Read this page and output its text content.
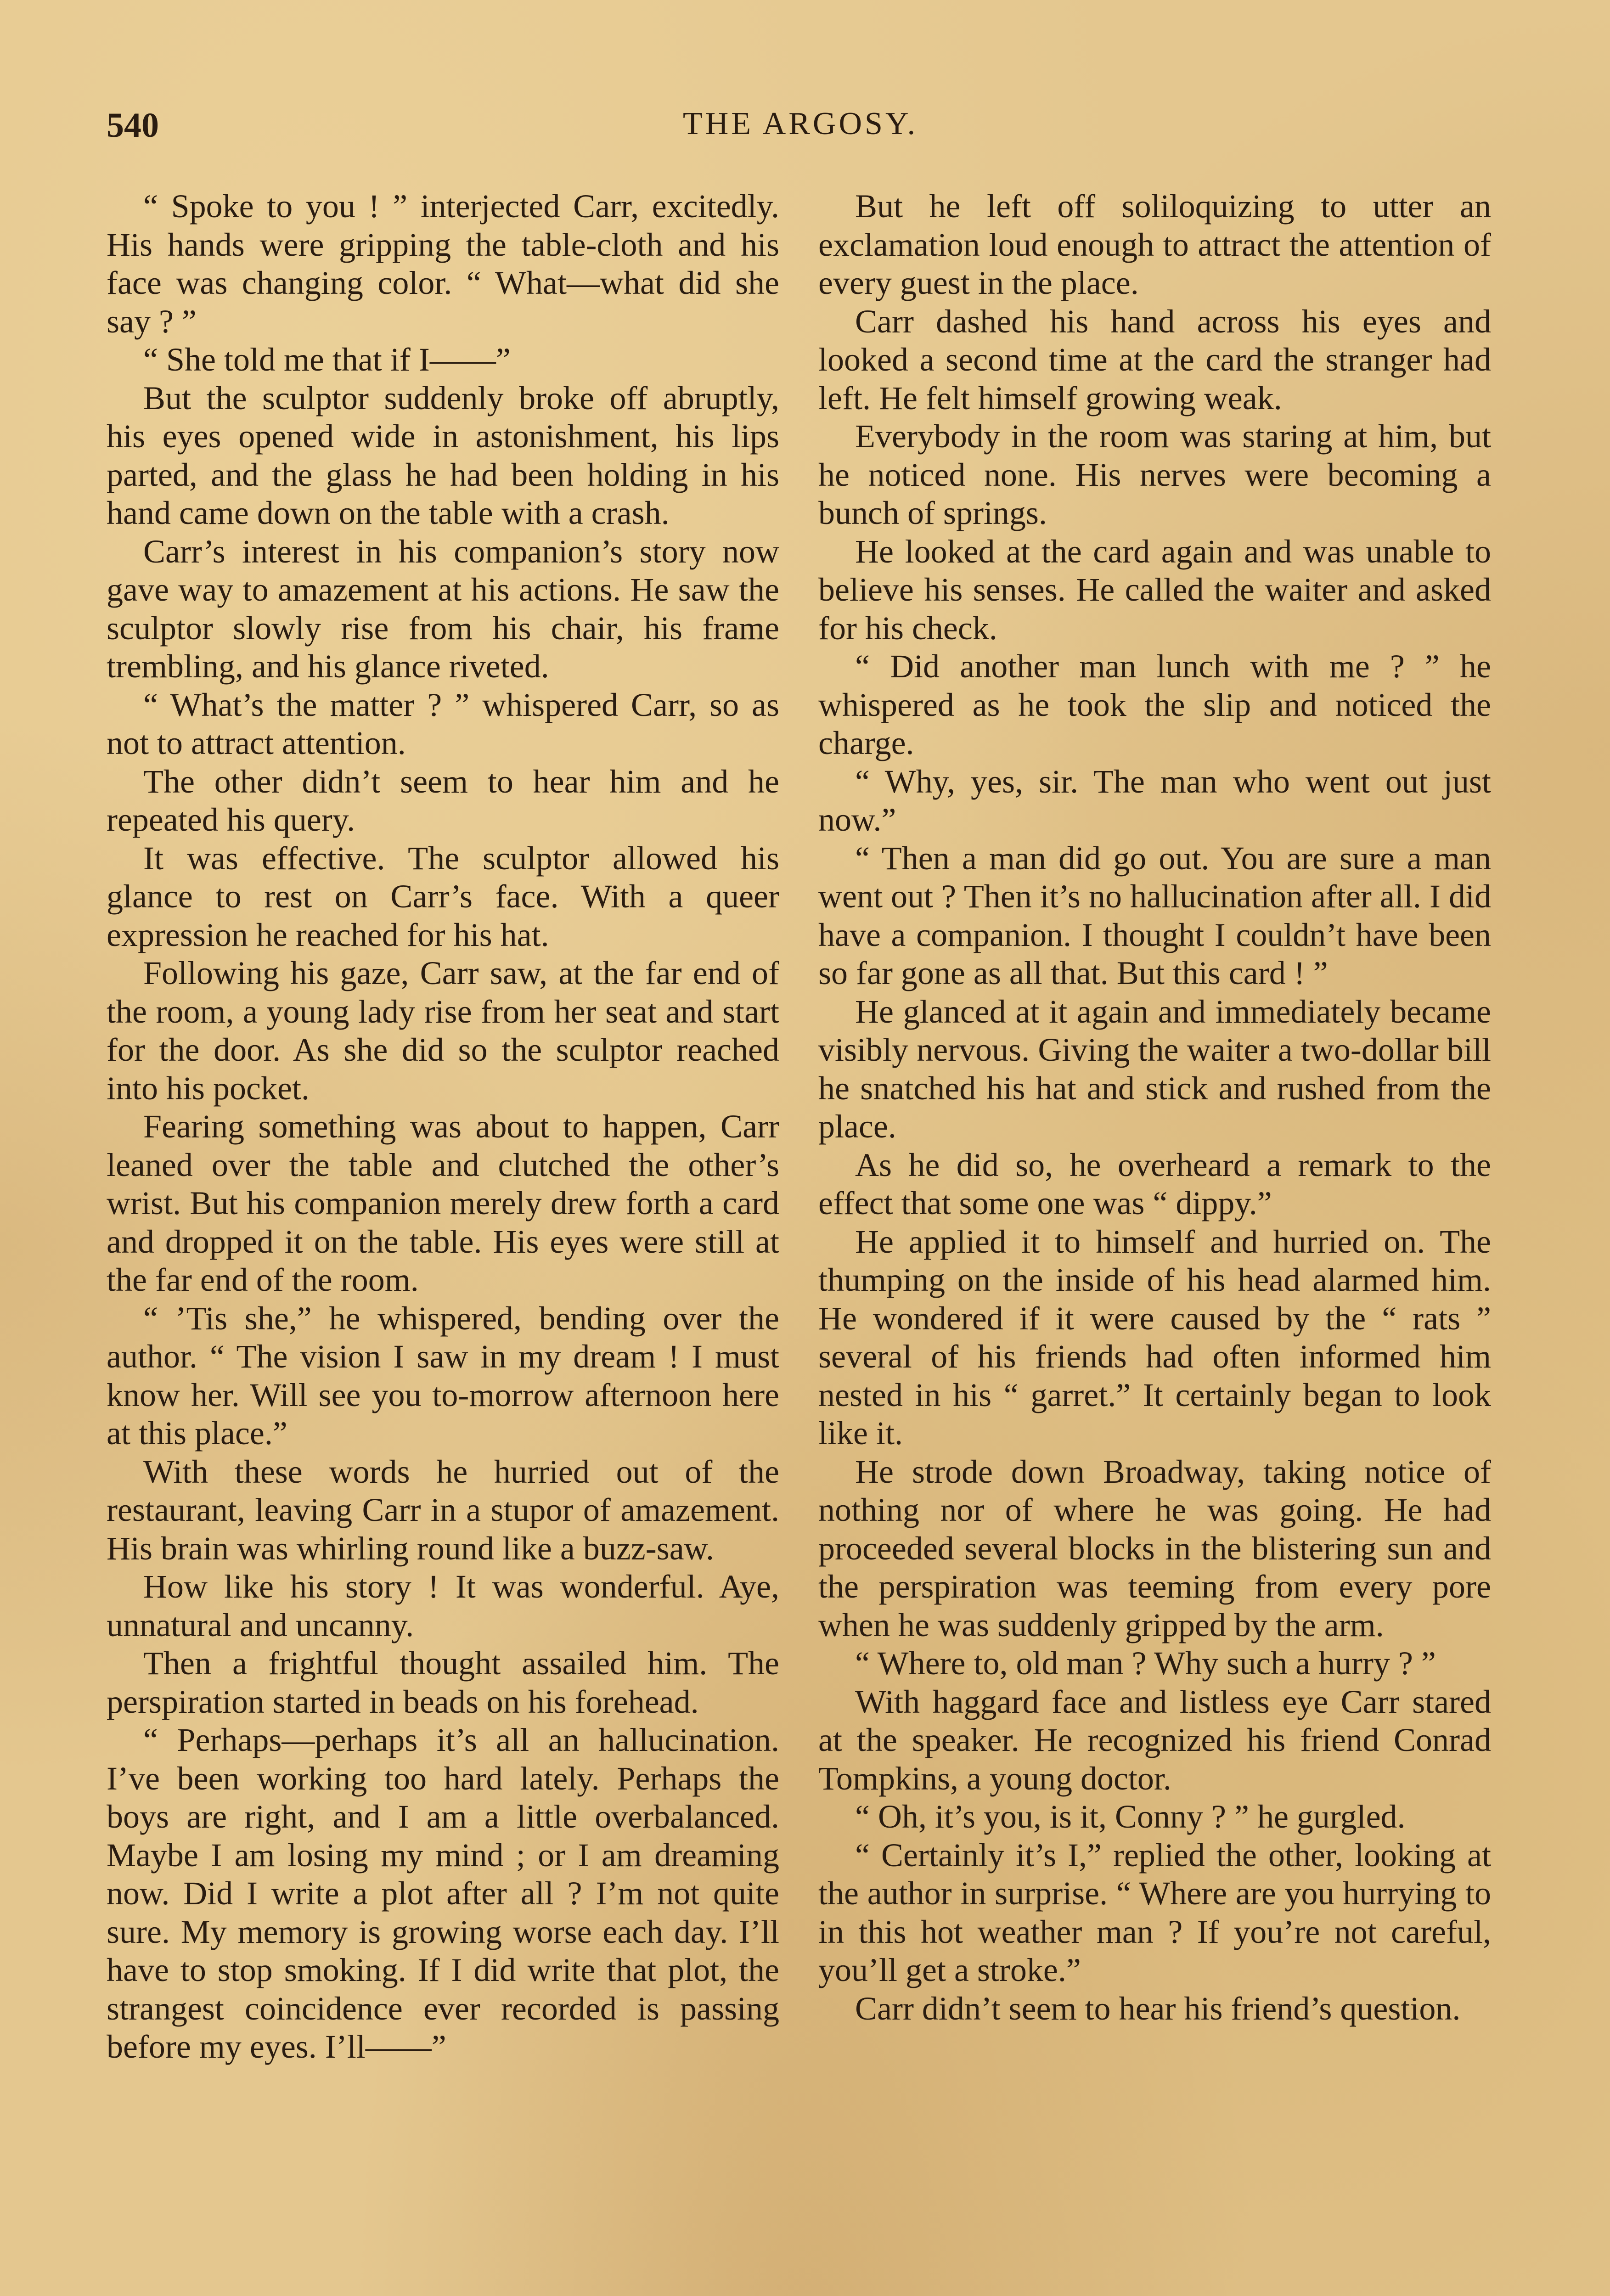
540	THE ARGOSY.

“ Spoke to you ! ” interjected Carr, excitedly. His hands were gripping the table-cloth and his face was changing color. “ What—what did she say ? ”

“ She told me that if I——”

But the sculptor suddenly broke off abruptly, his eyes opened wide in astonishment, his lips parted, and the glass he had been holding in his hand came down on the table with a crash.

Carr’s interest in his companion’s story now gave way to amazement at his actions. He saw the sculptor slowly rise from his chair, his frame trembling, and his glance riveted.

“ What’s the matter ? ” whispered Carr, so as not to attract attention.

The other didn’t seem to hear him and he repeated his query.

It was effective. The sculptor allowed his glance to rest on Carr’s face. With a queer expression he reached for his hat.

Following his gaze, Carr saw, at the far end of the room, a young lady rise from her seat and start for the door. As she did so the sculptor reached into his pocket.

Fearing something was about to happen, Carr leaned over the table and clutched the other’s wrist. But his companion merely drew forth a card and dropped it on the table. His eyes were still at the far end of the room.

“ ’Tis she,” he whispered, bending over the author. “ The vision I saw in my dream ! I must know her. Will see you to-morrow afternoon here at this place.”

With these words he hurried out of the restaurant, leaving Carr in a stupor of amazement. His brain was whirling round like a buzz-saw.

How like his story ! It was wonderful. Aye, unnatural and uncanny.

Then a frightful thought assailed him. The perspiration started in beads on his forehead.

“ Perhaps—perhaps it’s all an hallucination. I’ve been working too hard lately. Perhaps the boys are right, and I am a little overbalanced. Maybe I am losing my mind ; or I am dreaming now. Did I write a plot after all ? I’m not quite sure. My memory is growing worse each day. I’ll have to stop smoking. If I did write that plot, the strangest coincidence ever recorded is passing before my eyes. I’ll——”

But he left off soliloquizing to utter an exclamation loud enough to attract the attention of every guest in the place.

Carr dashed his hand across his eyes and looked a second time at the card the stranger had left. He felt himself growing weak.

Everybody in the room was staring at him, but he noticed none. His nerves were becoming a bunch of springs.

He looked at the card again and was unable to believe his senses. He called the waiter and asked for his check.

“ Did another man lunch with me ? ” he whispered as he took the slip and noticed the charge.

“ Why, yes, sir. The man who went out just now.”

“ Then a man did go out. You are sure a man went out ? Then it’s no hallucination after all. I did have a companion. I thought I couldn’t have been so far gone as all that. But this card ! ”

He glanced at it again and immediately became visibly nervous. Giving the waiter a two-dollar bill he snatched his hat and stick and rushed from the place.

As he did so, he overheard a remark to the effect that some one was “ dippy.”

He applied it to himself and hurried on. The thumping on the inside of his head alarmed him. He wondered if it were caused by the “ rats ” several of his friends had often informed him nested in his “ garret.” It certainly began to look like it.

He strode down Broadway, taking notice of nothing nor of where he was going. He had proceeded several blocks in the blistering sun and the perspiration was teeming from every pore when he was suddenly gripped by the arm.

“ Where to, old man ? Why such a hurry ? ”

With haggard face and listless eye Carr stared at the speaker. He recognized his friend Conrad Tompkins, a young doctor.

“ Oh, it’s you, is it, Conny ? ” he gurgled.

“ Certainly it’s I,” replied the other, looking at the author in surprise. “ Where are you hurrying to in this hot weather man ? If you’re not careful, you’ll get a stroke.”

Carr didn’t seem to hear his friend’s question.
